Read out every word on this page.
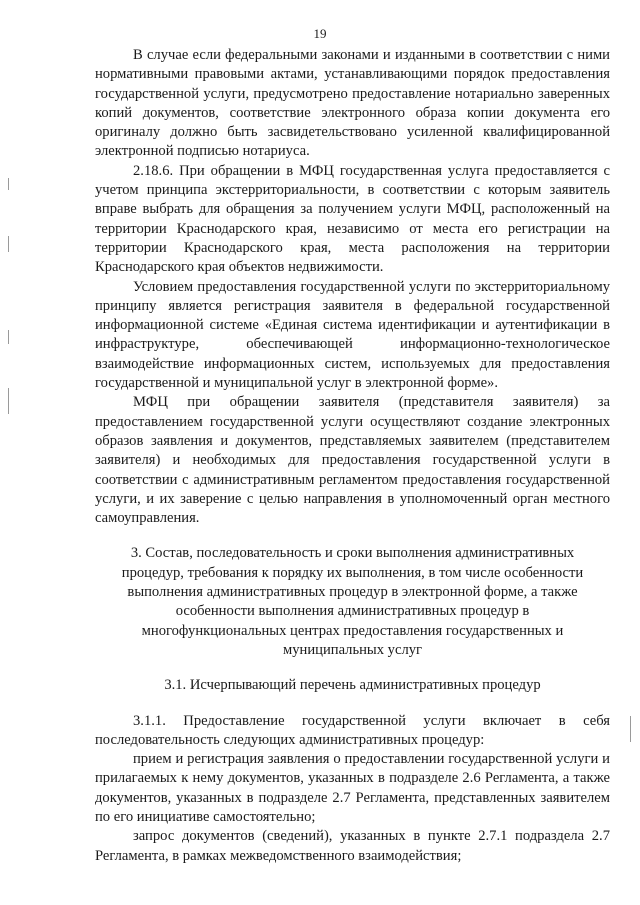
19

В случае если федеральными законами и изданными в соответствии с ними нормативными правовыми актами, устанавливающими порядок предоставления государственной услуги, предусмотрено предоставление нотариально заверенных копий документов, соответствие электронного образа копии документа его оригиналу должно быть засвидетельствовано усиленной квалифицированной электронной подписью нотариуса.

2.18.6. При обращении в МФЦ государственная услуга предоставляется с учетом принципа экстерриториальности, в соответствии с которым заявитель вправе выбрать для обращения за получением услуги МФЦ, расположенный на территории Краснодарского края, независимо от места его регистрации на территории Краснодарского края, места расположения на территории Краснодарского края объектов недвижимости.

Условием предоставления государственной услуги по экстерриториальному принципу является регистрация заявителя в федеральной государственной информационной системе «Единая система идентификации и аутентификации в инфраструктуре, обеспечивающей информационно-технологическое взаимодействие информационных систем, используемых для предоставления государственной и муниципальной услуг в электронной форме».

МФЦ при обращении заявителя (представителя заявителя) за предоставлением государственной услуги осуществляют создание электронных образов заявления и документов, представляемых заявителем (представителем заявителя) и необходимых для предоставления государственной услуги в соответствии с административным регламентом предоставления государственной услуги, и их заверение с целью направления в уполномоченный орган местного самоуправления.

3. Состав, последовательность и сроки выполнения административных процедур, требования к порядку их выполнения, в том числе особенности выполнения административных процедур в электронной форме, а также особенности выполнения административных процедур в многофункциональных центрах предоставления государственных и муниципальных услуг

3.1. Исчерпывающий перечень административных процедур

3.1.1. Предоставление государственной услуги включает в себя последовательность следующих административных процедур:

прием и регистрация заявления о предоставлении государственной услуги и прилагаемых к нему документов, указанных в подразделе 2.6 Регламента, а также документов, указанных в подразделе 2.7 Регламента, представленных заявителем по его инициативе самостоятельно;

запрос документов (сведений), указанных в пункте 2.7.1 подраздела 2.7 Регламента, в рамках межведомственного взаимодействия;
